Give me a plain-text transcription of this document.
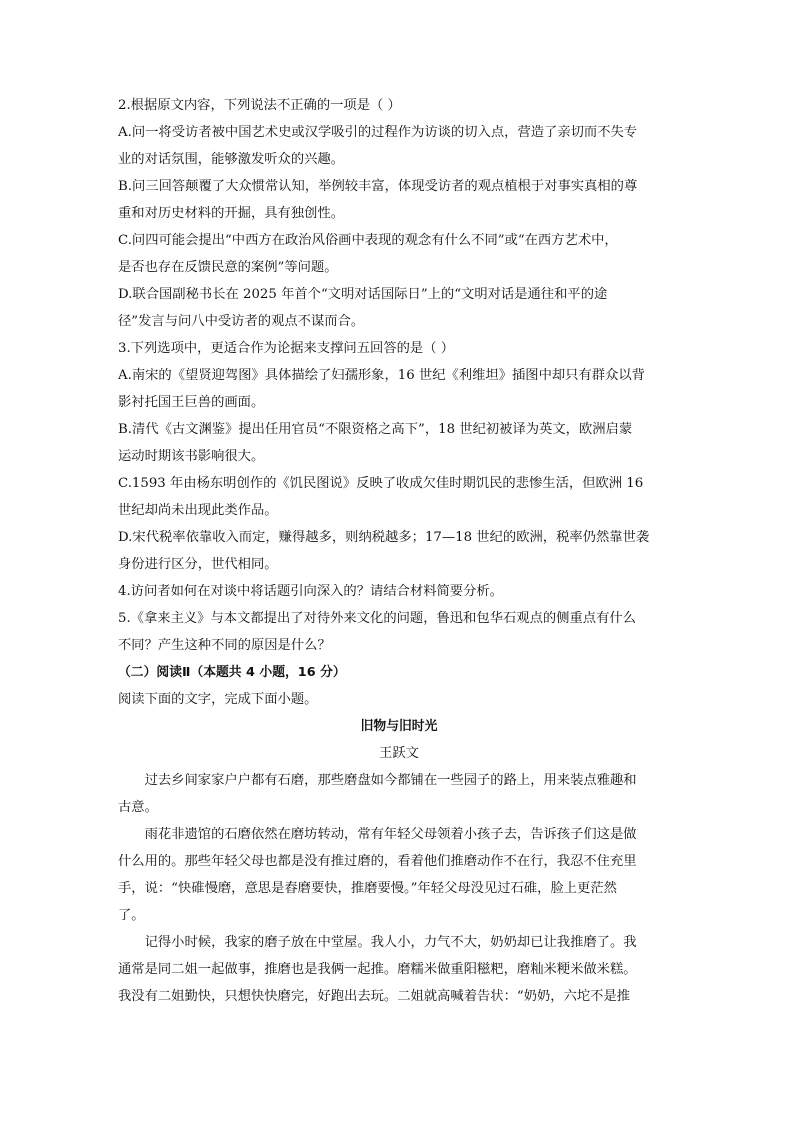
2.根据原文内容，下列说法不正确的一项是（ ）
A.问一将受访者被中国艺术史或汉学吸引的过程作为访谈的切入点，营造了亲切而不失专
业的对话氛围，能够激发听众的兴趣。
B.问三回答颠覆了大众惯常认知，举例较丰富，体现受访者的观点植根于对事实真相的尊
重和对历史材料的开掘，具有独创性。
C.问四可能会提出“中西方在政治风俗画中表现的观念有什么不同”或“在西方艺术中，
是否也存在反馈民意的案例”等问题。
D.联合国副秘书长在 2025 年首个“文明对话国际日”上的“文明对话是通往和平的途
径”发言与问八中受访者的观点不谋而合。
3.下列选项中，更适合作为论据来支撑问五回答的是（ ）
A.南宋的《望贤迎驾图》具体描绘了妇孺形象，16 世纪《利维坦》插图中却只有群众以背
影衬托国王巨兽的画面。
B.清代《古文渊鉴》提出任用官员“不限资格之高下”，18 世纪初被译为英文，欧洲启蒙
运动时期该书影响很大。
C.1593 年由杨东明创作的《饥民图说》反映了收成欠佳时期饥民的悲惨生活，但欧洲 16
世纪却尚未出现此类作品。
D.宋代税率依靠收入而定，赚得越多，则纳税越多；17—18 世纪的欧洲，税率仍然靠世袭
身份进行区分，世代相同。
4.访问者如何在对谈中将话题引向深入的？请结合材料简要分析。
5.《拿来主义》与本文都提出了对待外来文化的问题，鲁迅和包华石观点的侧重点有什么
不同？产生这种不同的原因是什么？
（二）阅读Ⅱ（本题共 4 小题，16 分）
阅读下面的文字，完成下面小题。
旧物与旧时光
王跃文
过去乡间家家户户都有石磨，那些磨盘如今都铺在一些园子的路上，用来装点雅趣和
古意。
雨花非遗馆的石磨依然在磨坊转动，常有年轻父母领着小孩子去，告诉孩子们这是做
什么用的。那些年轻父母也都是没有推过磨的，看着他们推磨动作不在行，我忍不住充里
手，说：“快碓慢磨，意思是舂磨要快，推磨要慢。”年轻父母没见过石碓，脸上更茫然
了。
记得小时候，我家的磨子放在中堂屋。我人小，力气不大，奶奶却已让我推磨了。我
通常是同二姐一起做事，推磨也是我俩一起推。磨糯米做重阳糍粑，磨籼米粳米做米糕。
我没有二姐勤快，只想快快磨完，好跑出去玩。二姐就高喊着告状：“奶奶，六坨不是推
